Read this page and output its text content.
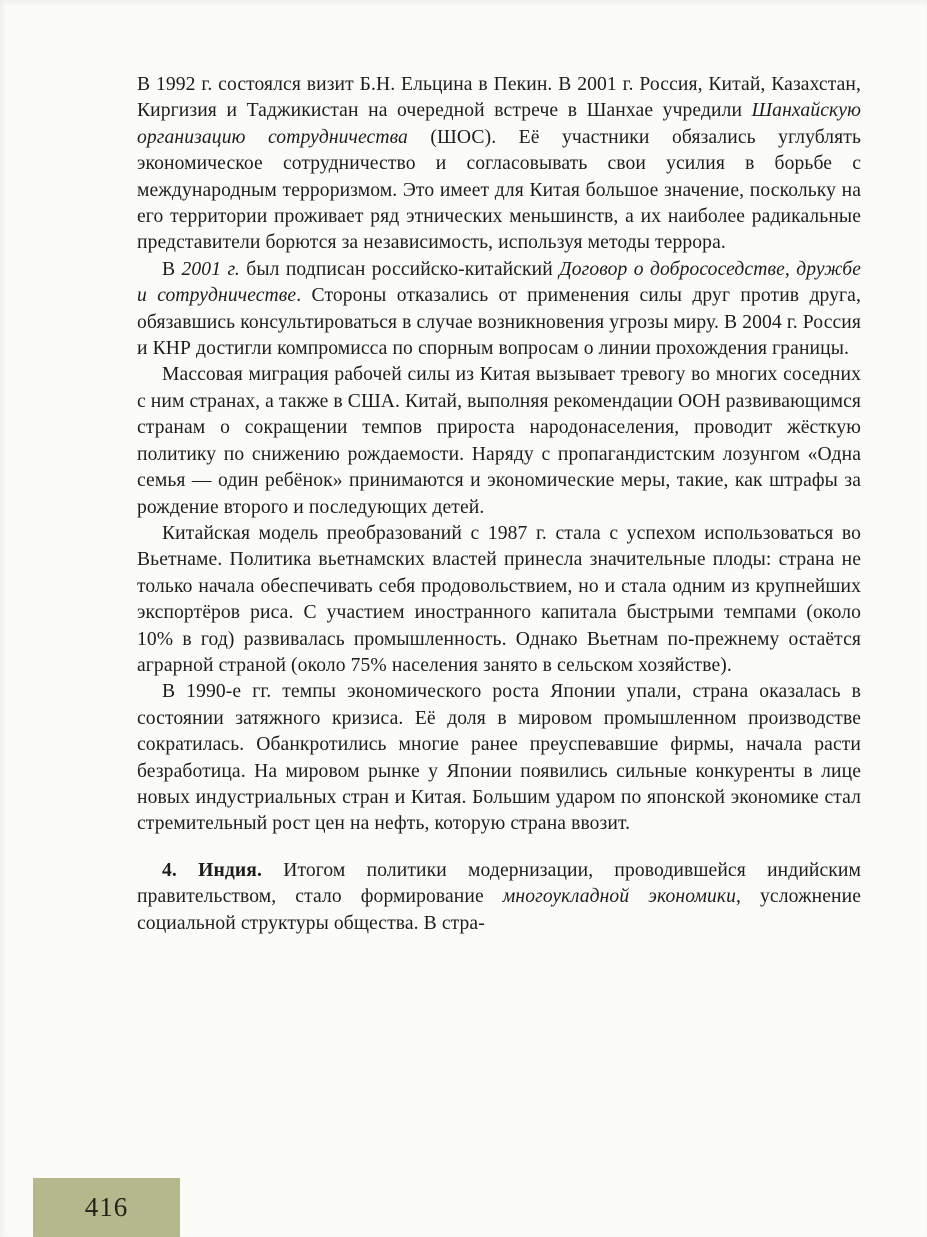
В 1992 г. состоялся визит Б.Н. Ельцина в Пекин. В 2001 г. Россия, Китай, Казахстан, Киргизия и Таджикистан на очередной встрече в Шанхае учредили Шанхайскую организацию сотрудничества (ШОС). Её участники обязались углублять экономическое сотрудничество и согласовывать свои усилия в борьбе с международным терроризмом. Это имеет для Китая большое значение, поскольку на его территории проживает ряд этнических меньшинств, а их наиболее радикальные представители борются за независимость, используя методы террора.

В 2001 г. был подписан российско-китайский Договор о добрососедстве, дружбе и сотрудничестве. Стороны отказались от применения силы друг против друга, обязавшись консультироваться в случае возникновения угрозы миру. В 2004 г. Россия и КНР достигли компромисса по спорным вопросам о линии прохождения границы.

Массовая миграция рабочей силы из Китая вызывает тревогу во многих соседних с ним странах, а также в США. Китай, выполняя рекомендации ООН развивающимся странам о сокращении темпов прироста народонаселения, проводит жёсткую политику по снижению рождаемости. Наряду с пропагандистским лозунгом «Одна семья — один ребёнок» принимаются и экономические меры, такие, как штрафы за рождение второго и последующих детей.

Китайская модель преобразований с 1987 г. стала с успехом использоваться во Вьетнаме. Политика вьетнамских властей принесла значительные плоды: страна не только начала обеспечивать себя продовольствием, но и стала одним из крупнейших экспортёров риса. С участием иностранного капитала быстрыми темпами (около 10% в год) развивалась промышленность. Однако Вьетнам по-прежнему остаётся аграрной страной (около 75% населения занято в сельском хозяйстве).

В 1990-е гг. темпы экономического роста Японии упали, страна оказалась в состоянии затяжного кризиса. Её доля в мировом промышленном производстве сократилась. Обанкротились многие ранее преуспевавшие фирмы, начала расти безработица. На мировом рынке у Японии появились сильные конкуренты в лице новых индустриальных стран и Китая. Большим ударом по японской экономике стал стремительный рост цен на нефть, которую страна ввозит.

4. Индия. Итогом политики модернизации, проводившейся индийским правительством, стало формирование многоукладной экономики, усложнение социальной структуры общества. В стра-

416
